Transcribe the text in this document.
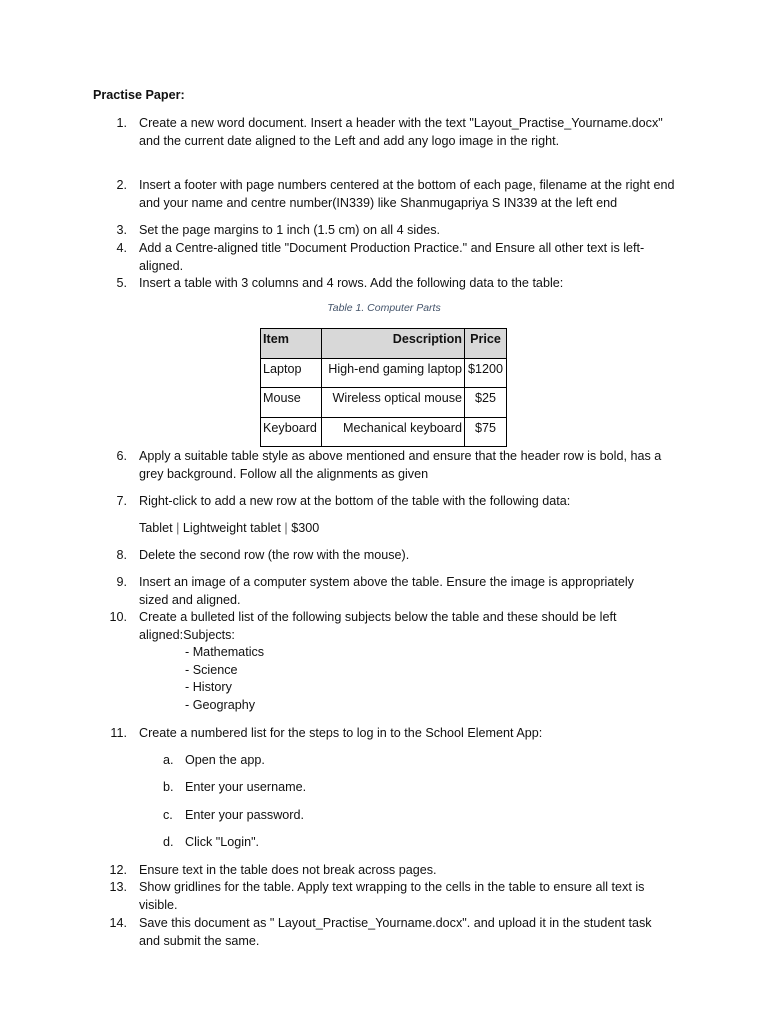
Practise Paper:
1. Create a new word document. Insert a header with the text "Layout_Practise_Yourname.docx" and the current date aligned to the Left and add any logo image in the right.
2. Insert a footer with page numbers centered at the bottom of each page, filename at the right end and your name and centre number(IN339) like Shanmugapriya S IN339 at the left end
3. Set the page margins to 1 inch (1.5 cm) on all 4 sides.
4. Add a Centre-aligned title "Document Production Practice." and Ensure all other text is left-aligned.
5. Insert a table with 3 columns and 4 rows. Add the following data to the table:
Table 1. Computer Parts
Item	Description	Price
Laptop	High-end gaming laptop	$1200
Mouse	Wireless optical mouse	$25
Keyboard	Mechanical keyboard	$75
6. Apply a suitable table style as above mentioned and ensure that the header row is bold, has a grey background. Follow all the alignments as given
7. Right-click to add a new row at the bottom of the table with the following data:
Tablet | Lightweight tablet | $300
8. Delete the second row (the row with the mouse).
9. Insert an image of a computer system above the table. Ensure the image is appropriately sized and aligned.
10. Create a bulleted list of the following subjects below the table and these should be left aligned:Subjects:
- Mathematics
- Science
- History
- Geography
11. Create a numbered list for the steps to log in to the School Element App:
a. Open the app.
b. Enter your username.
c. Enter your password.
d. Click "Login".
12. Ensure text in the table does not break across pages.
13. Show gridlines for the table. Apply text wrapping to the cells in the table to ensure all text is visible.
14. Save this document as " Layout_Practise_Yourname.docx". and upload it in the student task and submit the same.
